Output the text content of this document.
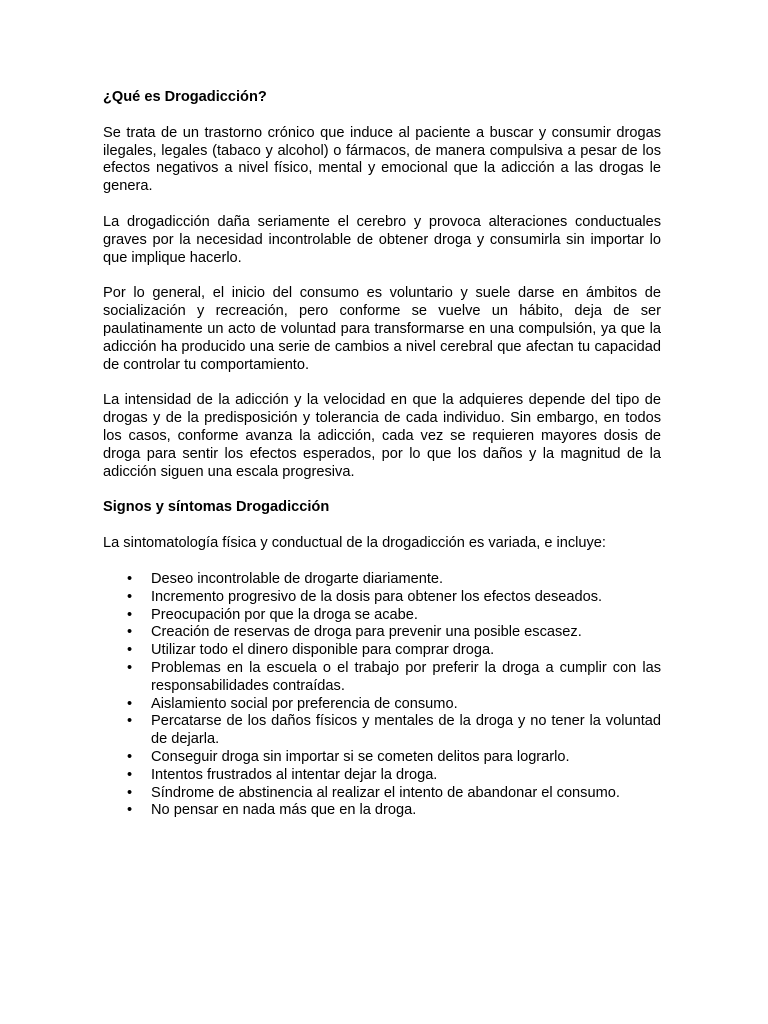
¿Qué es Drogadicción?

Se trata de un trastorno crónico que induce al paciente a buscar y consumir drogas ilegales, legales (tabaco y alcohol) o fármacos, de manera compulsiva a pesar de los efectos negativos a nivel físico, mental y emocional que la adicción a las drogas le genera.

La drogadicción daña seriamente el cerebro y provoca alteraciones conductuales graves por la necesidad incontrolable de obtener droga y consumirla sin importar lo que implique hacerlo.

Por lo general, el inicio del consumo es voluntario y suele darse en ámbitos de socialización y recreación, pero conforme se vuelve un hábito, deja de ser paulatinamente un acto de voluntad para transformarse en una compulsión, ya que la adicción ha producido una serie de cambios a nivel cerebral que afectan tu capacidad de controlar tu comportamiento.

La intensidad de la adicción y la velocidad en que la adquieres depende del tipo de drogas y de la predisposición y tolerancia de cada individuo. Sin embargo, en todos los casos, conforme avanza la adicción, cada vez se requieren mayores dosis de droga para sentir los efectos esperados, por lo que los daños y la magnitud de la adicción siguen una escala progresiva.

Signos y síntomas Drogadicción

La sintomatología física y conductual de la drogadicción es variada, e incluye:

•	Deseo incontrolable de drogarte diariamente.
•	Incremento progresivo de la dosis para obtener los efectos deseados.
•	Preocupación por que la droga se acabe.
•	Creación de reservas de droga para prevenir una posible escasez.
•	Utilizar todo el dinero disponible para comprar droga.
•	Problemas en la escuela o el trabajo por preferir la droga a cumplir con las responsabilidades contraídas.
•	Aislamiento social por preferencia de consumo.
•	Percatarse de los daños físicos y mentales de la droga y no tener la voluntad de dejarla.
•	Conseguir droga sin importar si se cometen delitos para lograrlo.
•	Intentos frustrados al intentar dejar la droga.
•	Síndrome de abstinencia al realizar el intento de abandonar el consumo.
•	No pensar en nada más que en la droga.
